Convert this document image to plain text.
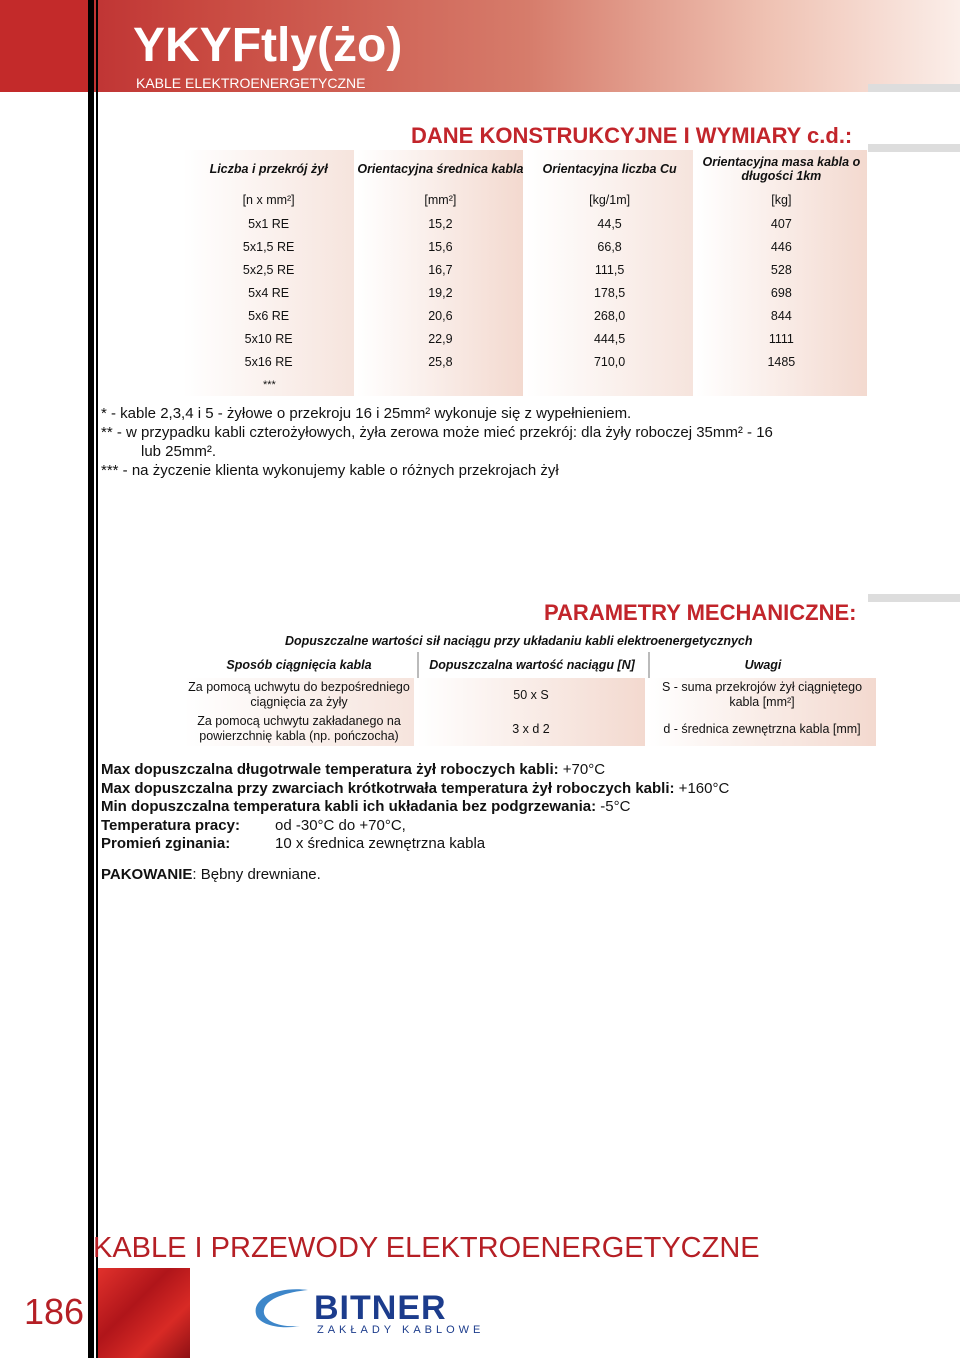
YKYFtly(żo)
KABLE ELEKTROENERGETYCZNE
DANE KONSTRUKCYJNE I WYMIARY c.d.:
Liczba i przekrój żył	Orientacyjna średnica kabla	Orientacyjna liczba Cu	Orientacyjna masa kabla o długości 1km
[n x mm²]	[mm²]	[kg/1m]	[kg]
5x1 RE	15,2	44,5	407
5x1,5 RE	15,6	66,8	446
5x2,5 RE	16,7	111,5	528
5x4 RE	19,2	178,5	698
5x6 RE	20,6	268,0	844
5x10 RE	22,9	444,5	1111
5x16 RE	25,8	710,0	1485
***			
* - kable 2,3,4 i 5 - żyłowe o przekroju 16 i 25mm² wykonuje się z wypełnieniem.
** - w przypadku kabli czterożyłowych, żyła zerowa może mieć przekrój: dla żyły roboczej 35mm² - 16
lub 25mm².
*** - na życzenie klienta wykonujemy kable o różnych przekrojach żył
PARAMETRY MECHANICZNE:
Dopuszczalne wartości sił naciągu przy układaniu kabli elektroenergetycznych
Sposób ciągnięcia kabla	Dopuszczalna wartość naciągu [N]	Uwagi
Za pomocą uchwytu do bezpośredniego ciągnięcia za żyły	50 x S	S - suma przekrojów żył ciągniętego kabla [mm²]
Za pomocą uchwytu zakładanego na powierzchnię kabla (np. pończocha)	3 x d 2	d - średnica zewnętrzna kabla [mm]
Max dopuszczalna długotrwale temperatura żył roboczych kabli: +70°C
Max dopuszczalna przy zwarciach krótkotrwała temperatura żył roboczych kabli: +160°C
Min dopuszczalna temperatura kabli ich układania bez podgrzewania: -5°C
Temperatura pracy: od -30°C do +70°C,
Promień zginania:	10 x średnica zewnętrzna kabla
PAKOWANIE: Bębny drewniane.
KABLE I PRZEWODY ELEKTROENERGETYCZNE
186	BITNER
ZAKŁADY KABLOWE
